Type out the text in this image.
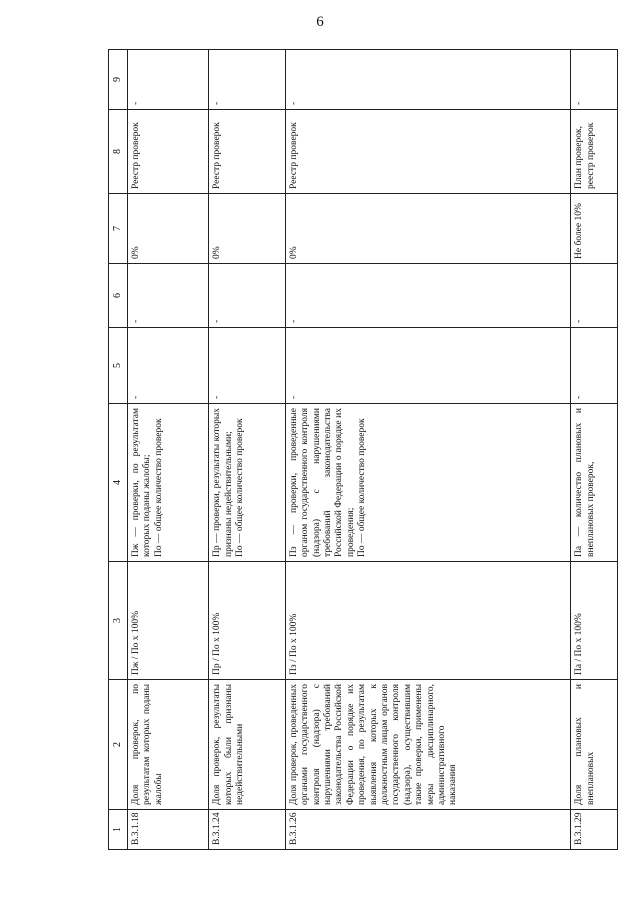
6
1	2	3	4	5	6	7	8	9
В.3.1.18	Доля проверок, по результатам которых поданы жалобы	Пж / По х 100%	Пж — проверки, по результатам которых поданы жалобы; По — общее количество проверок	-	-	0%	Реестр проверок	-
В.3.1.24	Доля проверок, результаты которых были признаны недействительными	Пр / По х 100%	Пр — проверки, результаты которых признаны недействительными; По — общее количество проверок	-	-	0%	Реестр проверок	-
В.3.1.26	Доля проверок, проведенных органами государственного контроля (надзора) с нарушениями требований законодательства Российской Федерации о порядке их проведения, по результатам выявления которых к должностным лицам органов государственного контроля (надзора), осуществившим такие проверки, применены меры дисциплинарного, административного наказания	Пз / По х 100%	Пз — проверки, проведенные органом государственного контроля (надзора) с нарушениями требований законодательства Российской Федерации о порядке их проведения; По — общее количество проверок	-	-	0%	Реестр проверок	-
В.3.1.29	Доля плановых и внеплановых	Па / По х 100%	Па — количество плановых и внеплановых проверок,	-	-	Не более 10%	План проверок, реестр проверок	-
